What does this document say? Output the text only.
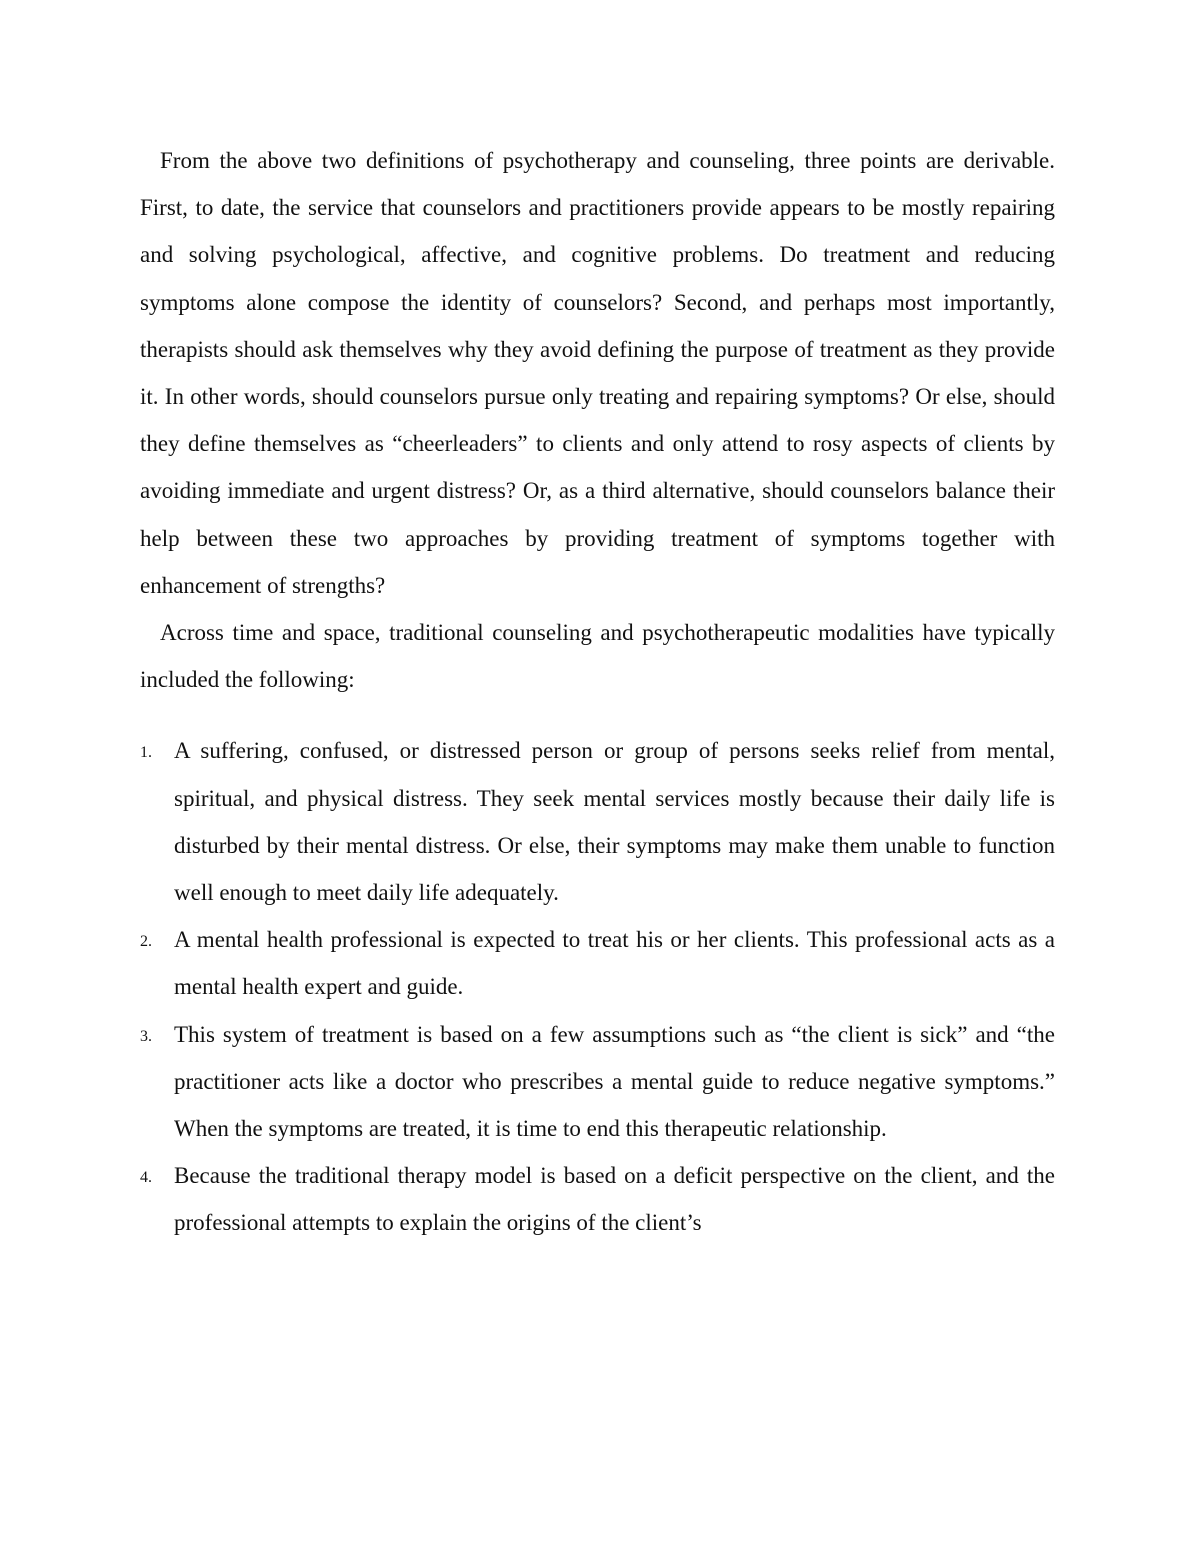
From the above two definitions of psychotherapy and counseling, three points are derivable. First, to date, the service that counselors and practitioners provide appears to be mostly repairing and solving psychological, affective, and cognitive problems. Do treatment and reducing symptoms alone compose the identity of counselors? Second, and perhaps most importantly, therapists should ask themselves why they avoid defining the purpose of treatment as they provide it. In other words, should counselors pursue only treating and repairing symptoms? Or else, should they define themselves as “cheerleaders” to clients and only attend to rosy aspects of clients by avoiding immediate and urgent distress? Or, as a third alternative, should counselors balance their help between these two approaches by providing treatment of symptoms together with enhancement of strengths?

Across time and space, traditional counseling and psychotherapeutic modalities have typically included the following:

1. A suffering, confused, or distressed person or group of persons seeks relief from mental, spiritual, and physical distress. They seek mental services mostly because their daily life is disturbed by their mental distress. Or else, their symptoms may make them unable to function well enough to meet daily life adequately.
2. A mental health professional is expected to treat his or her clients. This professional acts as a mental health expert and guide.
3. This system of treatment is based on a few assumptions such as “the client is sick” and “the practitioner acts like a doctor who prescribes a mental guide to reduce negative symptoms.” When the symptoms are treated, it is time to end this therapeutic relationship.
4. Because the traditional therapy model is based on a deficit perspective on the client, and the professional attempts to explain the origins of the client’s
